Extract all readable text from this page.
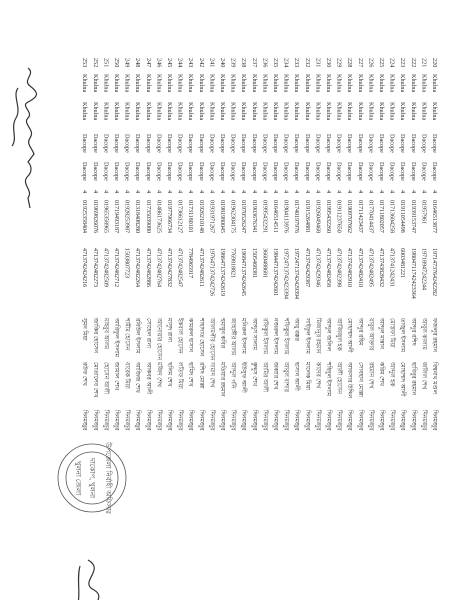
220
Khulna
Khulna
Dacope
Dacope
4
01646513877
1971473764242282
ফজলুর রহমান
বিশ্বনাথ মণ্ডল
দিনমজুর
221
Khulna
Khulna
Dacope
Dacope
4
01957961
19718947242244
আবুল কালাম
জলিল শেখ
দিনমজুর
222
Khulna
Khulna
Dacope
Dacope
4
01939153747
19804711742423364
আব্দুর রশিদ
হাবিবুর রহমান
দিনমজুর
223
Khulna
Khulna
Dacope
Dacope
4
01911054498
6003481221
তাজুল ইসলাম
মোহাম্মদ আলী
দিনমজুর
224
Khulna
Khulna
Dacope
Dacope
4
01713604258
4713741242431
মোস্তফা মিয়া
আব্দুল হক
দিনমজুর
225
Khulna
Khulna
Dacope
Dacope
4
01711802057
4713743828432
আব্দুল মান্নান
করিম শেখ
দিনমজুর
226
Khulna
Khulna
Dacope
Dacope
4
01770414437
4713742482495
বাবুল আক্তার
রহমান শেখ
দিনমজুর
227
Khulna
Khulna
Dacope
Dacope
4
01711423437
4713742482410
আব্দুর রহিম
সোবহান মোল্লা
দিনমজুর
228
Khulna
Khulna
Dacope
Dacope
4
01909707662
4713742482910
মোহাম্মদ আলী
আফসার উদ্দিন
দিনমজুর
229
Khulna
Khulna
Dacope
Dacope
4
01911237650
4713742482398
আজিজুল হক
আলী হোসেন
দিনমজুর
230
Khulna
Khulna
Dacope
Dacope
4
01995432260
4713742482458
আব্দুল জলিল
শহিদুল ইসলাম
দিনমজুর
231
Khulna
Khulna
Dacope
Dacope
4
01926049468
4713742429346
মিজানুর রহমান
কাদের শেখ
দিনমজুর
232
Khulna
Khulna
Dacope
Dacope
4
01915264881
4713742429387
সাইফুল ইসলাম
মালেক মিয়া
দিনমজুর
233
Khulna
Khulna
Dacope
Dacope
4
01740197976
19724713742429394
আবু বক্কর
হাসান আলী
দিনমজুর
234
Khulna
Khulna
Dacope
Dacope
4
01904113976
19724713742423394
শফিকুল ইসলাম
আবুল বাশার
দিনমজুর
235
Khulna
Khulna
Dacope
Dacope
4
01646514511
1984471374242601
নজরুল ইসলাম
জব্বার শেখ
দিনমজুর
236
Khulna
Khulna
Dacope
Dacope
4
01995432291
3660488681
রফিকুল ইসলাম
আমির আলী
দিনমজুর
237
Khulna
Khulna
Dacope
Dacope
4
01903676341
1505468381
আব্দুস সালাম
কুদ্দুস শেখ
দিনমজুর
238
Khulna
Khulna
Dacope
Dacope
4
01970526247
1968471374242645
মনিরুল ইসলাম
ইউসুফ আলী
দিনমজুর
239
Khulna
Khulna
Dacope
Dacope
4
01962304175
7769818821
জাহাঙ্গীর আলম
আব্দুল গনি
দিনমজুর
240
Khulna
Khulna
Dacope
Dacope
4
01981980045
1986471374242619
হুমায়ুন কবির
মতিয়ার রহমান
দিনমজুর
241
Khulna
Khulna
Dacope
Dacope
4
01931971267
1976471374242726
আলমগীর হোসেন
সামাদ শেখ
দিনমজুর
242
Khulna
Khulna
Dacope
Dacope
4
01926210148
4713742482611
শাহাদাত হোসেন
রশিদ মোল্লা
দিনমজুর
243
Khulna
Khulna
Dacope
Dacope
4
01731180101
7784965917
কামরুল হাসান
হামিদ শেখ
দিনমজুর
244
Khulna
Khulna
Dacope
Dacope
4
01736612127
4713742482547
ইকবাল হোসেন
লতিফ মিয়া
দিনমজুর
245
Khulna
Khulna
Dacope
Dacope
4
01977966734
4713742427832
মাসুদ রানা
ছলিম শেখ
দিনমজুর
246
Khulna
Khulna
Dacope
Dacope
4
01486173625
4713742482764
আনোয়ার হোসেন
মজিদ শেখ
দিনমজুর
247
Khulna
Khulna
Dacope
Dacope
4
01735039080
4713742482886
সোহেল রানা
আকবর আলী
দিনমজুর
248
Khulna
Khulna
Dacope
Dacope
4
01318408280
4713742482264
রবিউল ইসলাম
আজিজ শেখ
দিনমজুর
249
Khulna
Khulna
Dacope
Dacope
4
01928253987
1503807723
শামীম হোসেন
বারেক মিয়া
দিনমজুর
250
Khulna
Khulna
Dacope
Dacope
4
01719493187
4713742482712
আরিফুল ইসলাম
জামাল শেখ
দিনমজুর
251
Khulna
Khulna
Dacope
Dacope
4
01965358965
4713742482509
মাহবুব আলম
হোসেন আলী
দিনমজুর
252
Khulna
Khulna
Dacope
Dacope
4
01969826076
4713742482273
জাকির হোসেন
মোতালেব শেখ
দিনমজুর
253
Khulna
Khulna
Dacope
Dacope
4
01925358404
4713742424216
সুমন মিয়া
রউফ শেখ
দিনমজুর
উপজেলা নির্বাহী অফিসার
দাকোপ, খুলনা
খুলনা জেলা
